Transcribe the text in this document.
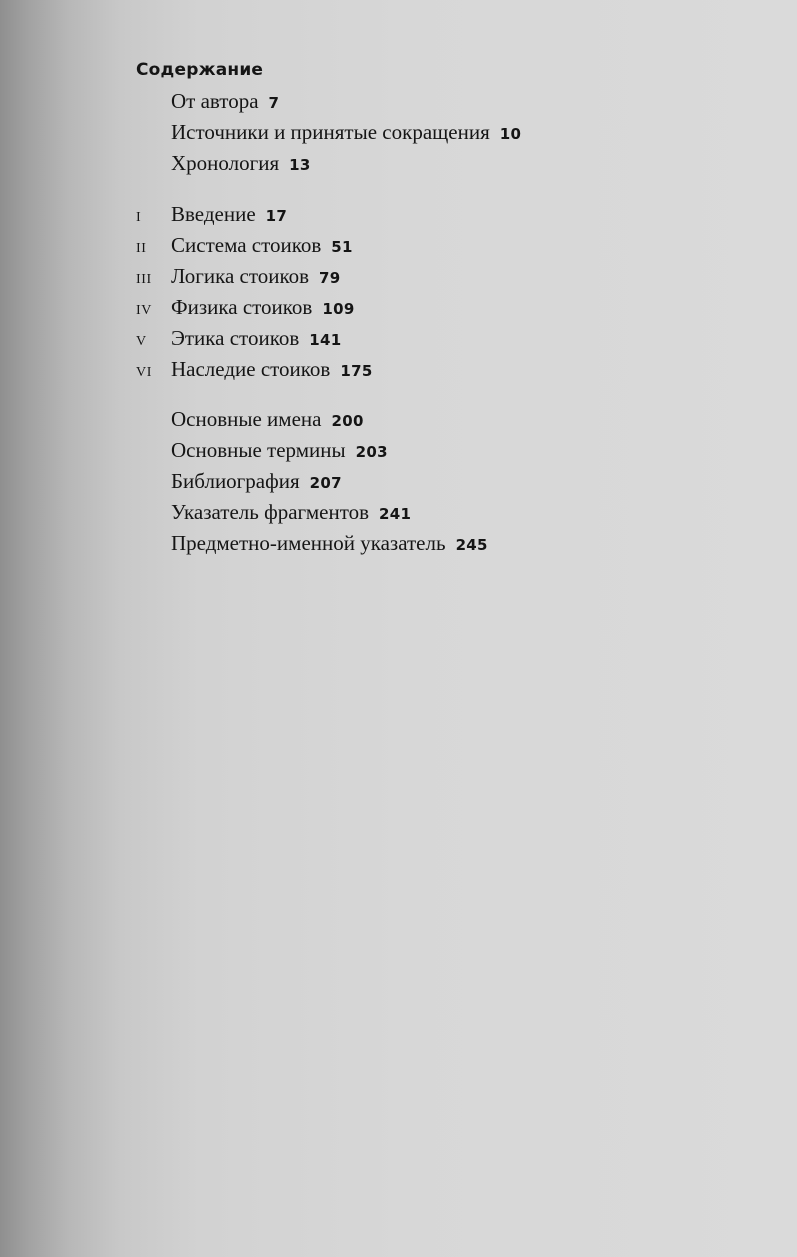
Содержание
От автора 7
Источники и принятые сокращения 10
Хронология 13
I Введение 17
II Система стоиков 51
III Логика стоиков 79
IV Физика стоиков 109
V Этика стоиков 141
VI Наследие стоиков 175
Основные имена 200
Основные термины 203
Библиография 207
Указатель фрагментов 241
Предметно-именной указатель 245
